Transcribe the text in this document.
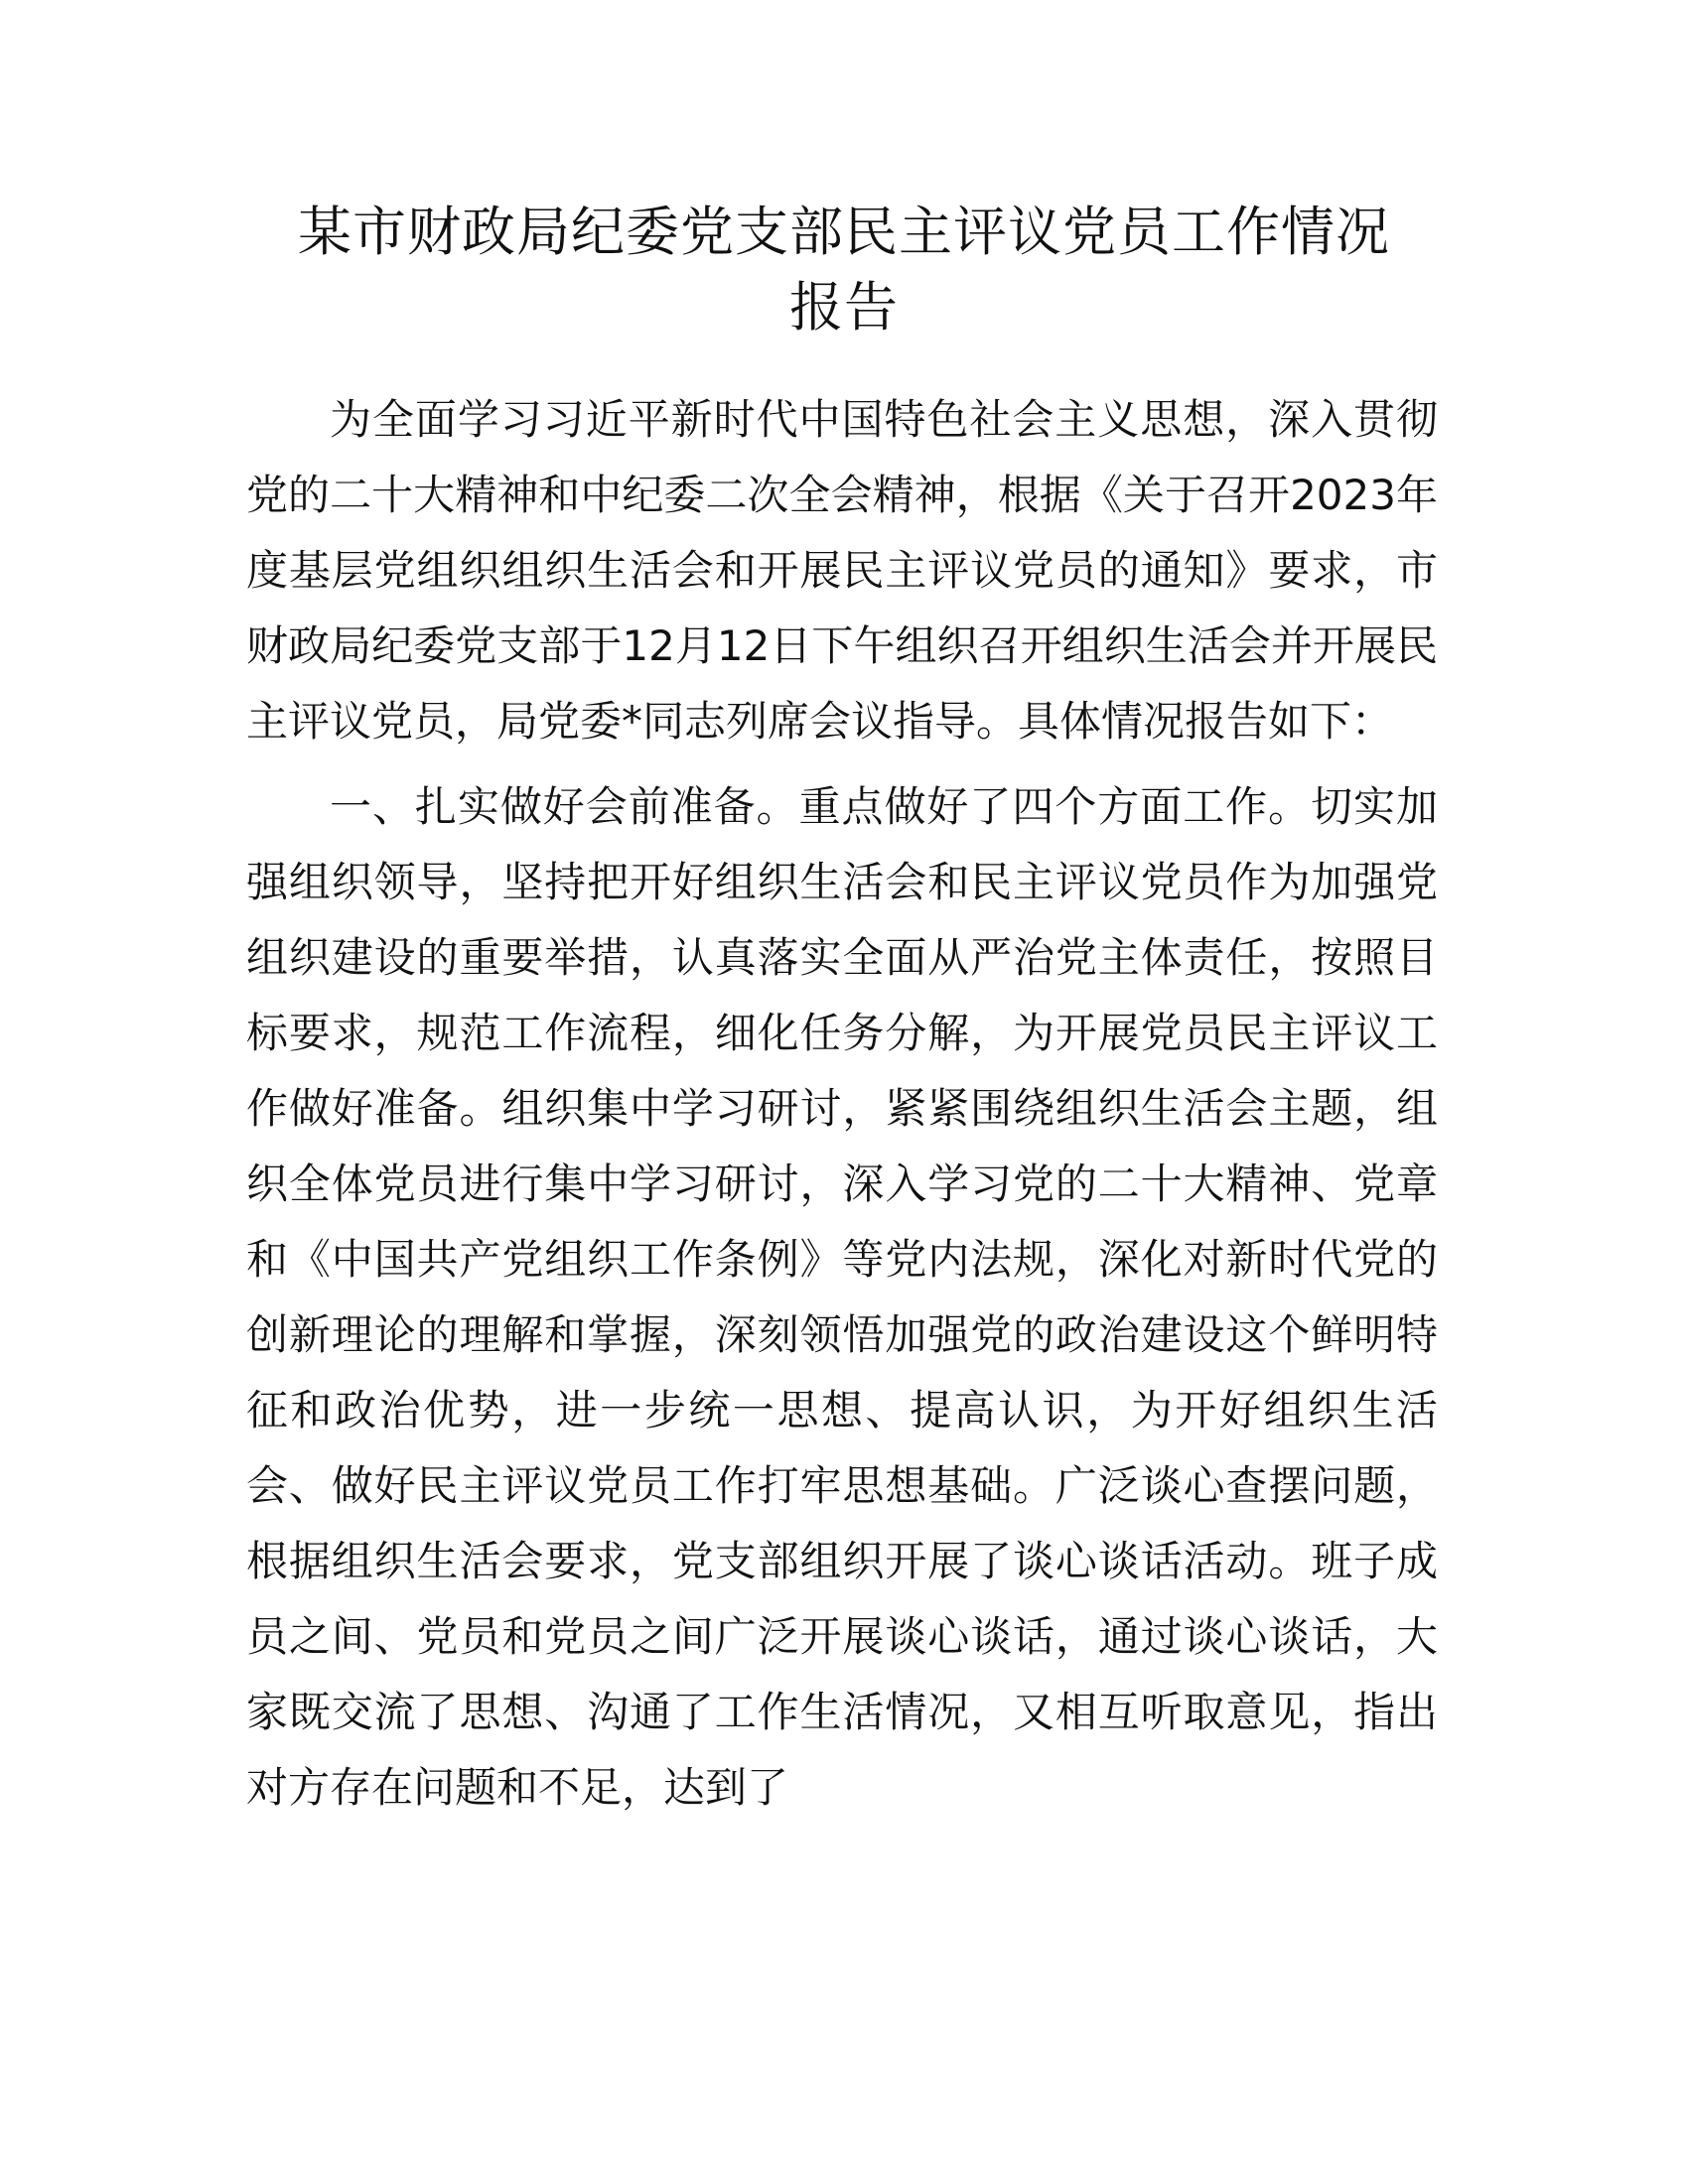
某市财政局纪委党支部民主评议党员工作情况
报告

为全面学习习近平新时代中国特色社会主义思想，深入贯彻党的二十大精神和中纪委二次全会精神，根据《关于召开2023年度基层党组织组织生活会和开展民主评议党员的通知》要求，市财政局纪委党支部于12月12日下午组织召开组织生活会并开展民主评议党员，局党委*同志列席会议指导。具体情况报告如下：

一、扎实做好会前准备。重点做好了四个方面工作。切实加强组织领导，坚持把开好组织生活会和民主评议党员作为加强党组织建设的重要举措，认真落实全面从严治党主体责任，按照目标要求，规范工作流程，细化任务分解，为开展党员民主评议工作做好准备。组织集中学习研讨，紧紧围绕组织生活会主题，组织全体党员进行集中学习研讨，深入学习党的二十大精神、党章和《中国共产党组织工作条例》等党内法规，深化对新时代党的创新理论的理解和掌握，深刻领悟加强党的政治建设这个鲜明特征和政治优势，进一步统一思想、提高认识，为开好组织生活会、做好民主评议党员工作打牢思想基础。广泛谈心查摆问题，根据组织生活会要求，党支部组织开展了谈心谈话活动。班子成员之间、党员和党员之间广泛开展谈心谈话，通过谈心谈话，大家既交流了思想、沟通了工作生活情况，又相互听取意见，指出对方存在问题和不足，达到了
